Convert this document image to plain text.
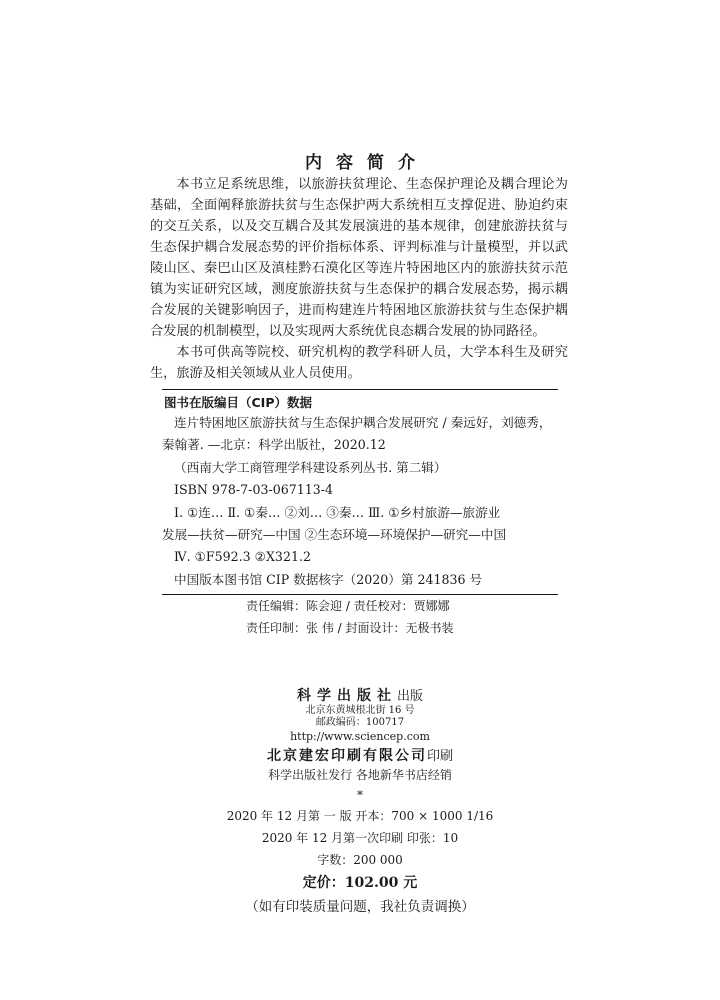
内容简介

本书立足系统思维，以旅游扶贫理论、生态保护理论及耦合理论为基础，全面阐释旅游扶贫与生态保护两大系统相互支撑促进、胁迫约束的交互关系，以及交互耦合及其发展演进的基本规律，创建旅游扶贫与生态保护耦合发展态势的评价指标体系、评判标准与计量模型，并以武陵山区、秦巴山区及滇桂黔石漠化区等连片特困地区内的旅游扶贫示范镇为实证研究区域，测度旅游扶贫与生态保护的耦合发展态势，揭示耦合发展的关键影响因子，进而构建连片特困地区旅游扶贫与生态保护耦合发展的机制模型，以及实现两大系统优良态耦合发展的协同路径。

本书可供高等院校、研究机构的教学科研人员，大学本科生及研究生，旅游及相关领域从业人员使用。

图书在版编目（CIP）数据
连片特困地区旅游扶贫与生态保护耦合发展研究 / 秦远好，刘德秀，
秦翰著. —北京：科学出版社，2020.12
（西南大学工商管理学科建设系列丛书. 第二辑）
ISBN 978-7-03-067113-4
Ⅰ. ①连… Ⅱ. ①秦… ②刘… ③秦… Ⅲ. ①乡村旅游—旅游业
发展—扶贫—研究—中国 ②生态环境—环境保护—研究—中国
Ⅳ. ①F592.3 ②X321.2
中国版本图书馆 CIP 数据核字（2020）第 241836 号
责任编辑：陈会迎 / 责任校对：贾娜娜
责任印制：张 伟 / 封面设计：无极书装
科学出版社出版
北京东黄城根北街 16 号
邮政编码：100717
http://www.sciencep.com
北京建宏印刷有限公司印刷
科学出版社发行 各地新华书店经销
*
2020 年 12 月第 一 版 开本：700 × 1000 1/16
2020 年 12 月第一次印刷 印张：10
字数：200 000
定价：102.00 元
（如有印装质量问题，我社负责调换）
